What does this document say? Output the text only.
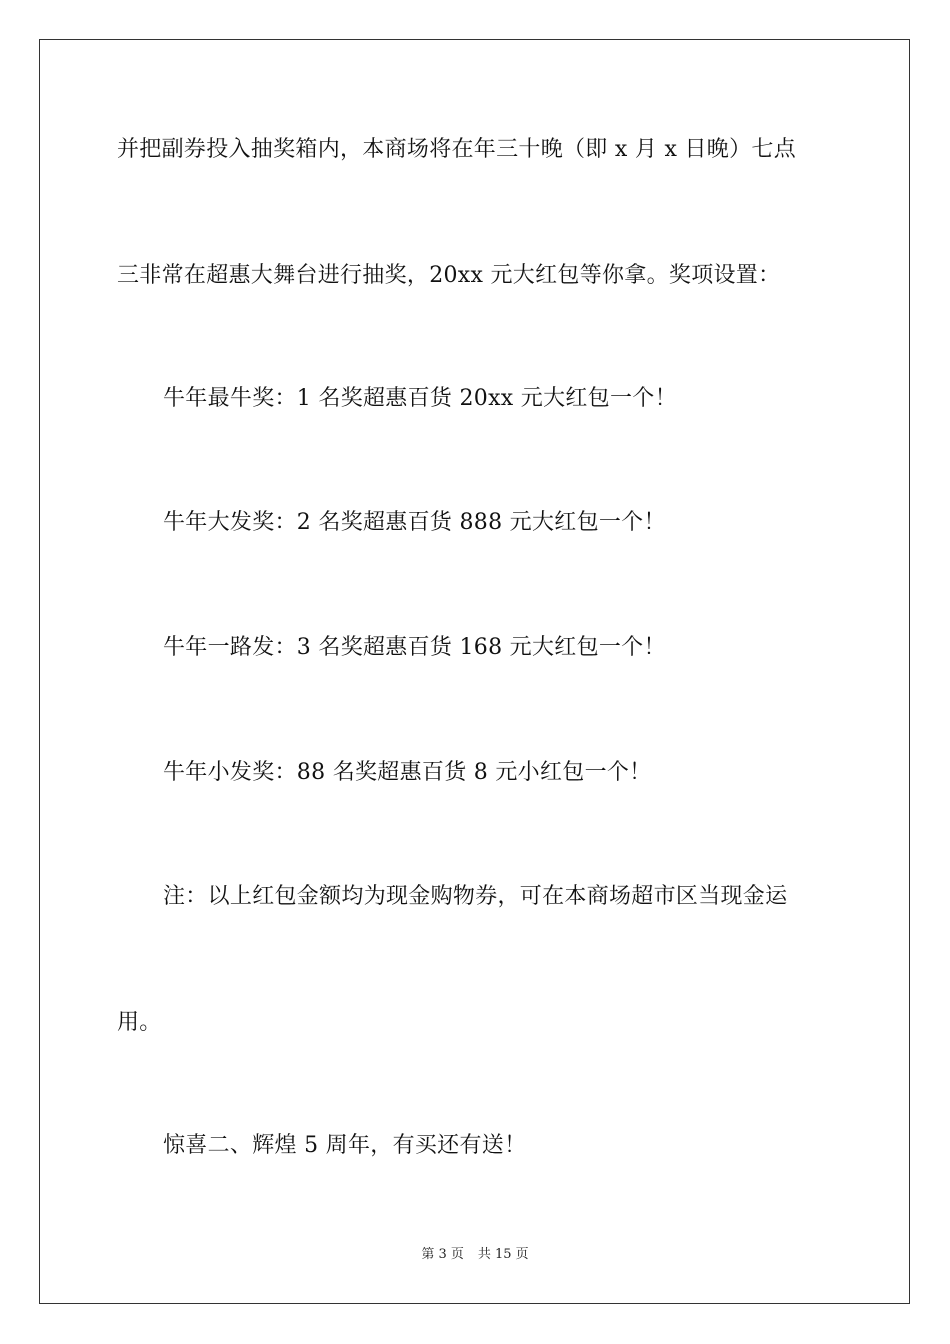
并把副券投入抽奖箱内，本商场将在年三十晚（即 x 月 x 日晚）七点
三非常在超惠大舞台进行抽奖，20xx 元大红包等你拿。奖项设置：
牛年最牛奖：1 名奖超惠百货 20xx 元大红包一个！
牛年大发奖：2 名奖超惠百货 888 元大红包一个！
牛年一路发：3 名奖超惠百货 168 元大红包一个！
牛年小发奖：88 名奖超惠百货 8 元小红包一个！
注：以上红包金额均为现金购物券，可在本商场超市区当现金运
用。
惊喜二、辉煌 5 周年，有买还有送！
第 3 页 共 15 页
